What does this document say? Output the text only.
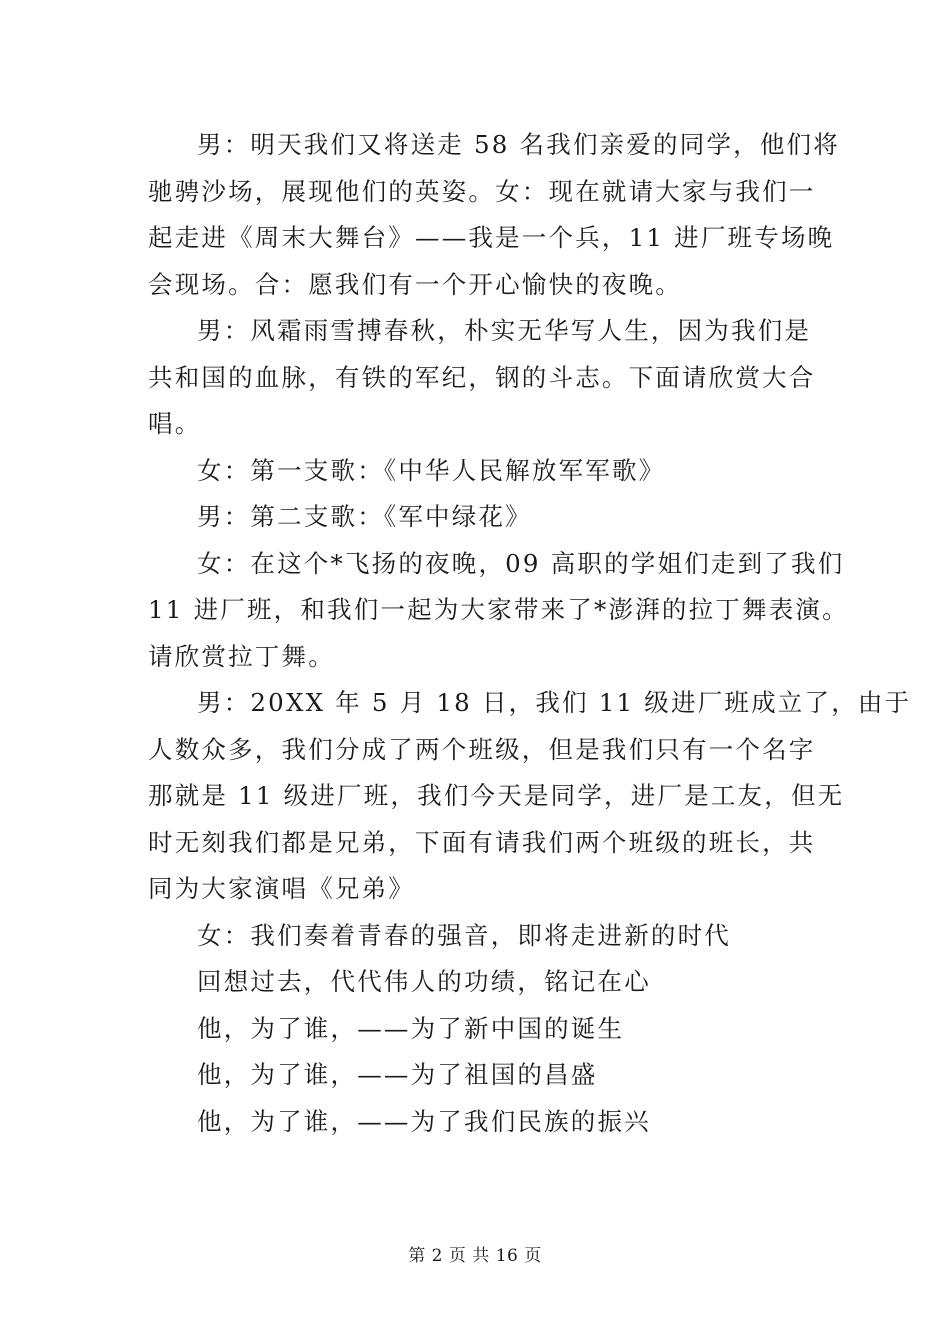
男：明天我们又将送走 58 名我们亲爱的同学，他们将
驰骋沙场，展现他们的英姿。女：现在就请大家与我们一
起走进《周末大舞台》——我是一个兵，11 进厂班专场晚
会现场。合：愿我们有一个开心愉快的夜晚。
男：风霜雨雪搏春秋，朴实无华写人生，因为我们是
共和国的血脉，有铁的军纪，钢的斗志。下面请欣赏大合
唱。
女：第一支歌：《中华人民解放军军歌》
男：第二支歌：《军中绿花》
女：在这个*飞扬的夜晚，09 高职的学姐们走到了我们
11 进厂班，和我们一起为大家带来了*澎湃的拉丁舞表演。
请欣赏拉丁舞。
男：20XX 年 5 月 18 日，我们 11 级进厂班成立了，由于
人数众多，我们分成了两个班级，但是我们只有一个名字
那就是 11 级进厂班，我们今天是同学，进厂是工友，但无
时无刻我们都是兄弟，下面有请我们两个班级的班长，共
同为大家演唱《兄弟》
女：我们奏着青春的强音，即将走进新的时代
回想过去，代代伟人的功绩，铭记在心
他，为了谁，——为了新中国的诞生
他，为了谁，——为了祖国的昌盛
他，为了谁，——为了我们民族的振兴
第 2 页 共 16 页
